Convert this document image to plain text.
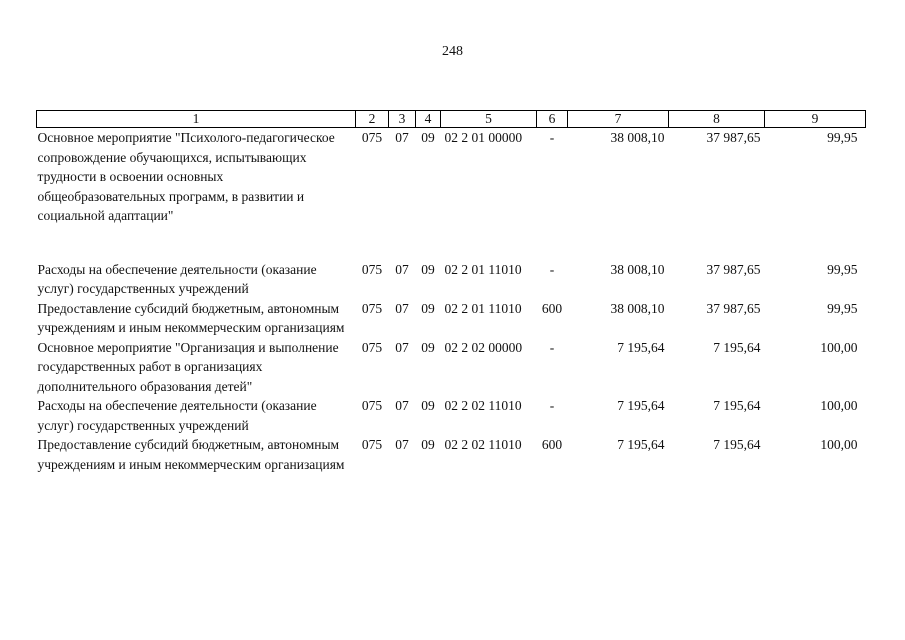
248
1	2	3	4	5	6	7	8	9
Основное мероприятие "Психолого-педагогическое сопровождение обучающихся, испытывающих трудности в освоении основных общеобразовательных программ, в развитии и социальной адаптации"	075	07	09	02 2 01 00000	-	38 008,10	37 987,65	99,95

Расходы на обеспечение деятельности (оказание услуг) государственных учреждений	075	07	09	02 2 01 11010	-	38 008,10	37 987,65	99,95
Предоставление субсидий бюджетным, автономным учреждениям и иным некоммерческим организациям	075	07	09	02 2 01 11010	600	38 008,10	37 987,65	99,95
Основное мероприятие "Организация и выполнение государственных работ в организациях дополнительного образования детей"	075	07	09	02 2 02 00000	-	7 195,64	7 195,64	100,00
Расходы на обеспечение деятельности (оказание услуг) государственных учреждений	075	07	09	02 2 02 11010	-	7 195,64	7 195,64	100,00
Предоставление субсидий бюджетным, автономным учреждениям и иным некоммерческим организациям	075	07	09	02 2 02 11010	600	7 195,64	7 195,64	100,00
